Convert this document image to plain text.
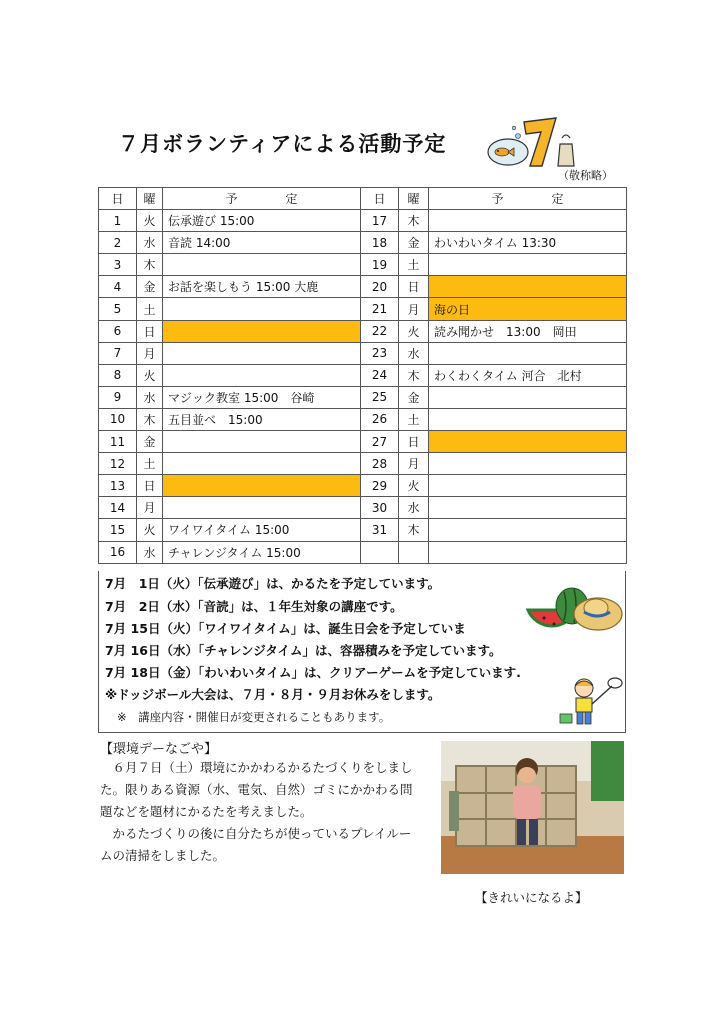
７月ボランティアによる活動予定
（敬称略）
日	曜	予　　　　定	日	曜	予　　　　定
1	火	伝承遊び 15:00	17	木	
2	水	音読 14:00	18	金	わいわいタイム 13:30
3	木		19	土	
4	金	お話を楽しもう 15:00 大鹿	20	日	
5	土		21	月	海の日
6	日		22	火	読み聞かせ　13:00　岡田
7	月		23	水	
8	火		24	木	わくわくタイム 河合　北村
9	水	マジック教室 15:00　谷崎	25	金	
10	木	五目並べ　15:00	26	土	
11	金		27	日	
12	土		28	月	
13	日		29	火	
14	月		30	水	
15	火	ワイワイタイム 15:00	31	木	
16	水	チャレンジタイム 15:00			
7月　1日（火）「伝承遊び」は、かるたを予定しています。
7月　2日（水）「音読」は、１年生対象の講座です。
7月 15日（火）「ワイワイタイム」は、誕生日会を予定していま
7月 16日（水）「チャレンジタイム」は、容器積みを予定しています。
7月 18日（金）「わいわいタイム」は、クリアーゲームを予定しています.
※ドッジボール大会は、７月・８月・９月お休みをします。
※　講座内容・開催日が変更されることもあります。
【環境デーなごや】

６月７日（土）環境にかかわるかるたづくりをしました。限りある資源（水、電気、自然）ゴミにかかわる問題などを題材にかるたを考えました。

かるたづくりの後に自分たちが使っているプレイルームの清掃をしました。

【きれいになるよ】
